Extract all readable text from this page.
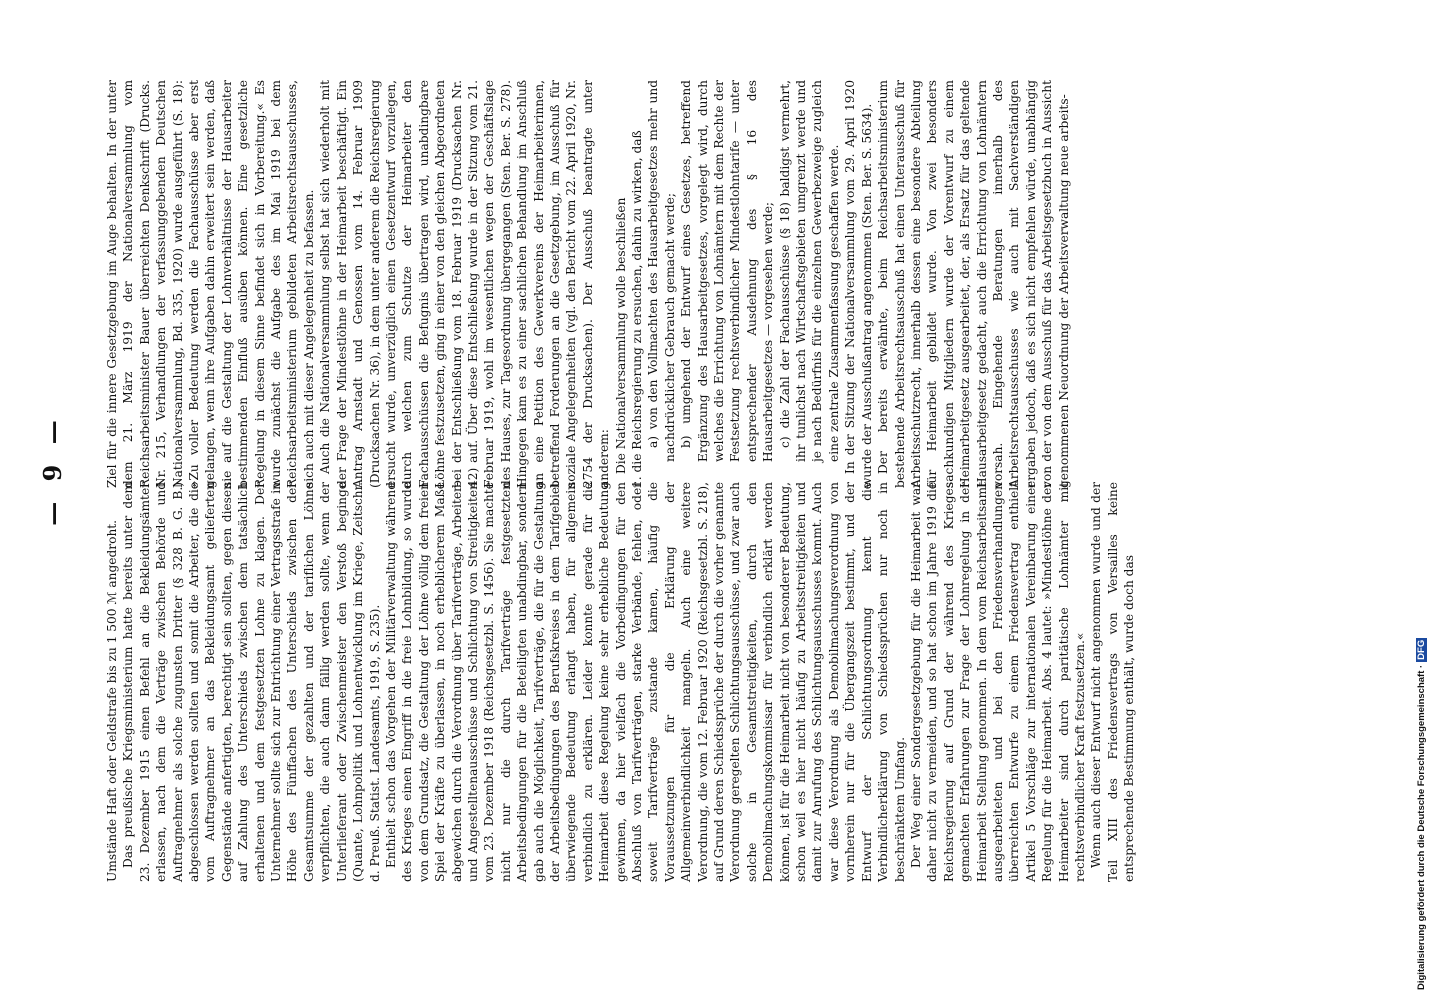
— 9 —

Umstände Haft oder Geldstrafe bis zu 1 500 ℳ angedroht. Das preußische Kriegsministerium hatte bereits unter dem 23. Dezember 1915 einen Befehl an die Bekleidungsämter erlassen, nach dem die Verträge zwischen Behörde und Auftragnehmer als solche zugunsten Dritter (§ 328 B. G. B.) abgeschlossen werden sollten und somit die Arbeiter, die die vom Auftragnehmer an das Bekleidungsamt gelieferten Gegenstände anfertigten, berechtigt sein sollten, gegen diesen auf Zahlung des Unterschieds zwischen dem tatsächlich erhaltenen und dem festgesetzten Lohne zu klagen. Der Unternehmer sollte sich zur Entrichtung einer Vertragsstrafe in Höhe des Fünffachen des Unterschieds zwischen der Gesamtsumme der gezahlten und der tariflichen Löhne verpflichten, die auch dann fällig werden sollte, wenn der Unterlieferant oder Zwischenmeister den Verstoß beginge (Quante, Lohnpolitik und Lohnentwicklung im Kriege, Zeitschr. d. Preuß. Statist. Landesamts, 1919, S. 235). Enthielt schon das Vorgehen der Militärverwaltung während des Krieges einen Eingriff in die freie Lohnbildung, so wurde von dem Grundsatz, die Gestaltung der Löhne völlig dem freien Spiel der Kräfte zu überlassen, in noch erheblicherem Maße abgewichen durch die Verordnung über Tarifverträge, Arbeiter- und Angestelltenausschüsse und Schlichtung von Streitigkeiten vom 23. Dezember 1918 (Reichsgesetzbl. S. 1456). Sie machte nicht nur die durch Tarifverträge festgesetzten Arbeitsbedingungen für die Beteiligten unabdingbar, sondern gab auch die Möglichkeit, Tarifverträge, die für die Gestaltung der Arbeitsbedingungen des Berufskreises in dem Tarifgebiet überwiegende Bedeutung erlangt haben, für allgemein verbindlich zu erklären. Leider konnte gerade für die Heimarbeit diese Regelung keine sehr erhebliche Bedeutung gewinnen, da hier vielfach die Vorbedingungen für den Abschluß von Tarifverträgen, starke Verbände, fehlen, oder soweit Tarifverträge zustande kamen, häufig die Voraussetzungen für die Erklärung der Allgemeinverbindlichkeit mangeln. Auch eine weitere Verordnung, die vom 12. Februar 1920 (Reichsgesetzbl. S. 218), auf Grund deren Schiedssprüche der durch die vorher genannte Verordnung geregelten Schlichtungsausschüsse, und zwar auch solche in Gesamtstreitigkeiten, durch den Demobilmachungskommissar für verbindlich erklärt werden können, ist für die Heimarbeit nicht von besonderer Bedeutung, schon weil es hier nicht häufig zu Arbeitsstreitigkeiten und damit zur Anrufung des Schlichtungsausschusses kommt. Auch war diese Verordnung als Demobilmachungsverordnung von vornherein nur für die Übergangszeit bestimmt, und der Entwurf der Schlichtungsordnung kennt die Verbindlicherklärung von Schiedssprüchen nur noch in beschränktem Umfang. Der Weg einer Sondergesetzgebung für die Heimarbeit war daher nicht zu vermeiden, und so hat schon im Jahre 1919 die Reichsregierung auf Grund der während des Krieges gemachten Erfahrungen zur Frage der Lohnregelung in der Heimarbeit Stellung genommen. In dem vom Reichsarbeitsamt ausgearbeiteten und bei den Friedensverhandlungen überreichten Entwurfe zu einem Friedensvertrag enthielt Artikel 5 Vorschläge zur internationalen Vereinbarung einer Regelung für die Heimarbeit. Abs. 4 lautet: »Mindestlöhne der Heimarbeiter sind durch paritätische Lohnämter mit rechtsverbindlicher Kraft festzusetzen.« Wenn auch dieser Entwurf nicht angenommen wurde und der Teil XIII des Friedensvertrags von Versailles keine entsprechende Bestimmung enthält, wurde doch das

Ziel für die innere Gesetzgebung im Auge behalten. In der unter dem 21. März 1919 der Nationalversammlung vom Reichsarbeitsminister Bauer überreichten Denkschrift (Drucks. Nr. 215, Verhandlungen der verfassunggebenden Deutschen Nationalversammlung, Bd. 335, 1920) wurde ausgeführt (S. 18): »Zu voller Bedeutung werden die Fachausschüsse aber erst gelangen, wenn ihre Aufgaben dahin erweitert sein werden, daß sie auf die Gestaltung der Lohnverhältnisse der Hausarbeiter bestimmenden Einfluß ausüben können. Eine gesetzliche Regelung in diesem Sinne befindet sich in Vorbereitung.« Es wurde zunächst die Aufgabe des im Mai 1919 bei dem Reichsarbeitsministerium gebildeten Arbeitsrechtsausschusses, sich auch mit dieser Angelegenheit zu befassen. Auch die Nationalversammlung selbst hat sich wiederholt mit der Frage der Mindestlöhne in der Heimarbeit beschäftigt. Ein Antrag Arnstadt und Genossen vom 14. Februar 1909 (Drucksachen Nr. 36), in dem unter anderem die Reichsregierung ersucht wurde, unverzüglich einen Gesetzentwurf vorzulegen, durch welchen zum Schutze der Heimarbeiter den Fachausschüssen die Befugnis übertragen wird, unabdingbare Löhne festzusetzen, ging in einer von den gleichen Abgeordneten bei der Entschließung vom 18. Februar 1919 (Drucksachen Nr. 42) auf. Über diese Entschließung wurde in der Sitzung vom 21. Februar 1919, wohl im wesentlichen wegen der Geschäftslage des Hauses, zur Tagesordnung übergegangen (Sten. Ber. S. 278). Hingegen kam es zu einer sachlichen Behandlung im Anschluß an eine Petition des Gewerkvereins der Heimarbeiterinnen, betreffend Forderungen an die Gesetzgebung, im Ausschuß für soziale Angelegenheiten (vgl. den Bericht vom 22. April 1920, Nr. 2754 der Drucksachen). Der Ausschuß beantragte unter anderem: Die Nationalversammlung wolle beschließen 1. die Reichsregierung zu ersuchen, dahin zu wirken, daß a) von den Vollmachten des Hausarbeitgesetzes mehr und nachdrücklicher Gebrauch gemacht werde; b) umgehend der Entwurf eines Gesetzes, betreffend Ergänzung des Hausarbeitgesetzes, vorgelegt wird, durch welches die Errichtung von Lohnämtern mit dem Rechte der Festsetzung rechtsverbindlicher Mindestlohntarife — unter entsprechender Ausdehnung des § 16 des Hausarbeitgesetzes — vorgesehen werde; c) die Zahl der Fachausschüsse (§ 18) baldigst vermehrt, ihr tunlichst nach Wirtschaftsgebieten umgrenzt werde und je nach Bedürfnis für die einzelnen Gewerbezweige zugleich eine zentrale Zusammenfassung geschaffen werde. In der Sitzung der Nationalversammlung vom 29. April 1920 wurde der Ausschußantrag angenommen (Sten. Ber. S. 5634). Der bereits erwähnte, beim Reichsarbeitsministerium bestehende Arbeitsrechtsausschuß hat einen Unterausschuß für Arbeitsschutzrecht, innerhalb dessen eine besondere Abteilung für Heimarbeit gebildet wurde. Von zwei besonders sachkundigen Mitgliedern wurde der Vorentwurf zu einem Heimarbeitgesetz ausgearbeitet, der, als Ersatz für das geltende Hausarbeitgesetz gedacht, auch die Errichtung von Lohnämtern vorsah. Eingehende Beratungen innerhalb des Arbeitsrechtsausschusses wie auch mit Sachverständigen ergaben jedoch, daß es sich nicht empfehlen würde, unabhängig von der von dem Ausschuß für das Arbeitsgesetzbuch in Aussicht genommenen Neuordnung der Arbeitsverwaltung neue arbeits-

Digitalisierung gefördert durch die Deutsche Forschungsgemeinschaft ·DFG
